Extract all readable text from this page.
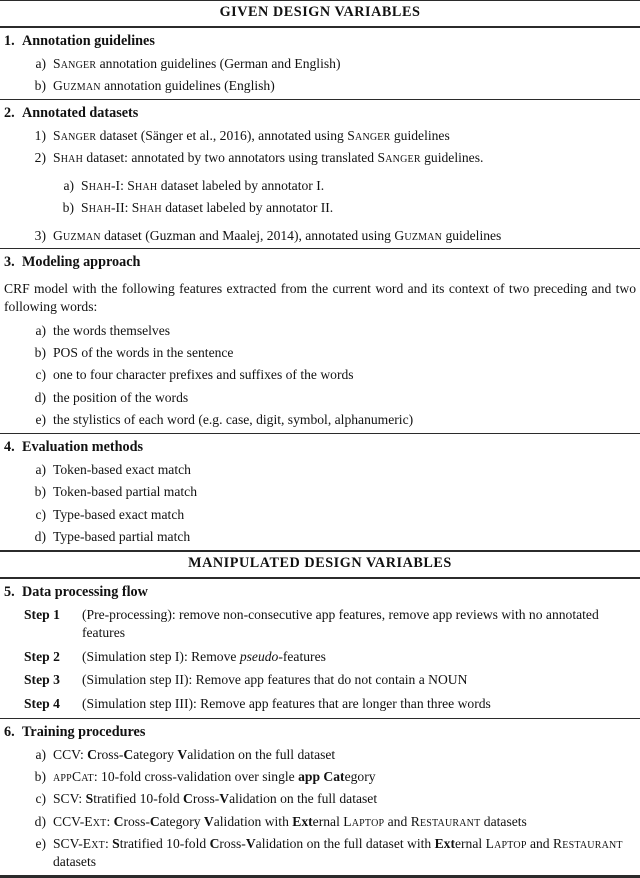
GIVEN DESIGN VARIABLES
1. Annotation guidelines
a) Sanger annotation guidelines (German and English)
b) Guzman annotation guidelines (English)
2. Annotated datasets
1) Sanger dataset (Sänger et al., 2016), annotated using Sanger guidelines
2) Shah dataset: annotated by two annotators using translated Sanger guidelines.
a) Shah-I: Shah dataset labeled by annotator I.
b) Shah-II: Shah dataset labeled by annotator II.
3) Guzman dataset (Guzman and Maalej, 2014), annotated using Guzman guidelines
3. Modeling approach
CRF model with the following features extracted from the current word and its context of two preceding and two following words:
a) the words themselves
b) POS of the words in the sentence
c) one to four character prefixes and suffixes of the words
d) the position of the words
e) the stylistics of each word (e.g. case, digit, symbol, alphanumeric)
4. Evaluation methods
a) Token-based exact match
b) Token-based partial match
c) Type-based exact match
d) Type-based partial match
MANIPULATED DESIGN VARIABLES
5. Data processing flow
Step 1	(Pre-processing): remove non-consecutive app features, remove app reviews with no annotated features
Step 2	(Simulation step I): Remove pseudo-features
Step 3	(Simulation step II): Remove app features that do not contain a NOUN
Step 4	(Simulation step III): Remove app features that are longer than three words
6. Training procedures
a) CCV: Cross-Category Validation on the full dataset
b) appCat: 10-fold cross-validation over single app Category
c) SCV: Stratified 10-fold Cross-Validation on the full dataset
d) CCV-Ext: Cross-Category Validation with External Laptop and Restaurant datasets
e) SCV-Ext: Stratified 10-fold Cross-Validation on the full dataset with External Laptop and Restaurant datasets
